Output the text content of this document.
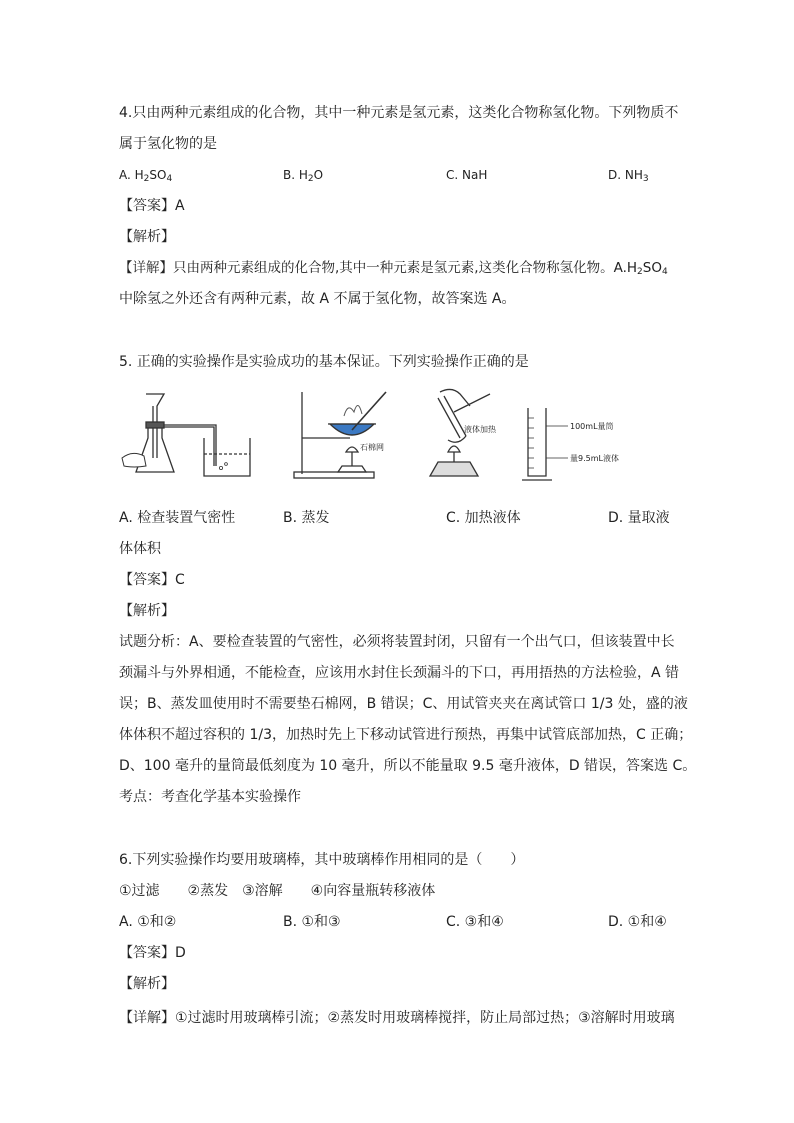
4.只由两种元素组成的化合物，其中一种元素是氢元素，这类化合物称氢化物。下列物质不
属于氢化物的是
A. $H_2SO_4$	B. $H_2O$	C. NaH	D. $NH_3$
【答案】A
【解析】
【详解】只由两种元素组成的化合物,其中一种元素是氢元素,这类化合物称氢化物。$A.H_2SO_4$
中除氢之外还含有两种元素，故 A 不属于氢化物，故答案选 A。
5. 正确的实验操作是实验成功的基本保证。下列实验操作正确的是
石棉网
液体加热	100mL量筒
量9.5mL液体
A. 检查装置气密性	B. 蒸发	C. 加热液体	D. 量取液
体体积
【答案】C
【解析】
试题分析：A、要检查装置的气密性，必须将装置封闭，只留有一个出气口，但该装置中长
颈漏斗与外界相通，不能检查，应该用水封住长颈漏斗的下口，再用捂热的方法检验，A 错
误；B、蒸发皿使用时不需要垫石棉网，B 错误；C、用试管夹夹在离试管口 1/3 处，盛的液
体体积不超过容积的 1/3，加热时先上下移动试管进行预热，再集中试管底部加热，C 正确；
D、100 毫升的量筒最低刻度为 10 毫升，所以不能量取 9.5 毫升液体，D 错误，答案选 C。
考点：考查化学基本实验操作
6.下列实验操作均要用玻璃棒，其中玻璃棒作用相同的是（　　）
①过滤　　②蒸发　③溶解　　④向容量瓶转移液体
A. ①和②	B. ①和③	C. ③和④	D. ①和④
【答案】D
【解析】
【详解】①过滤时用玻璃棒引流；②蒸发时用玻璃棒搅拌，防止局部过热；③溶解时用玻璃
